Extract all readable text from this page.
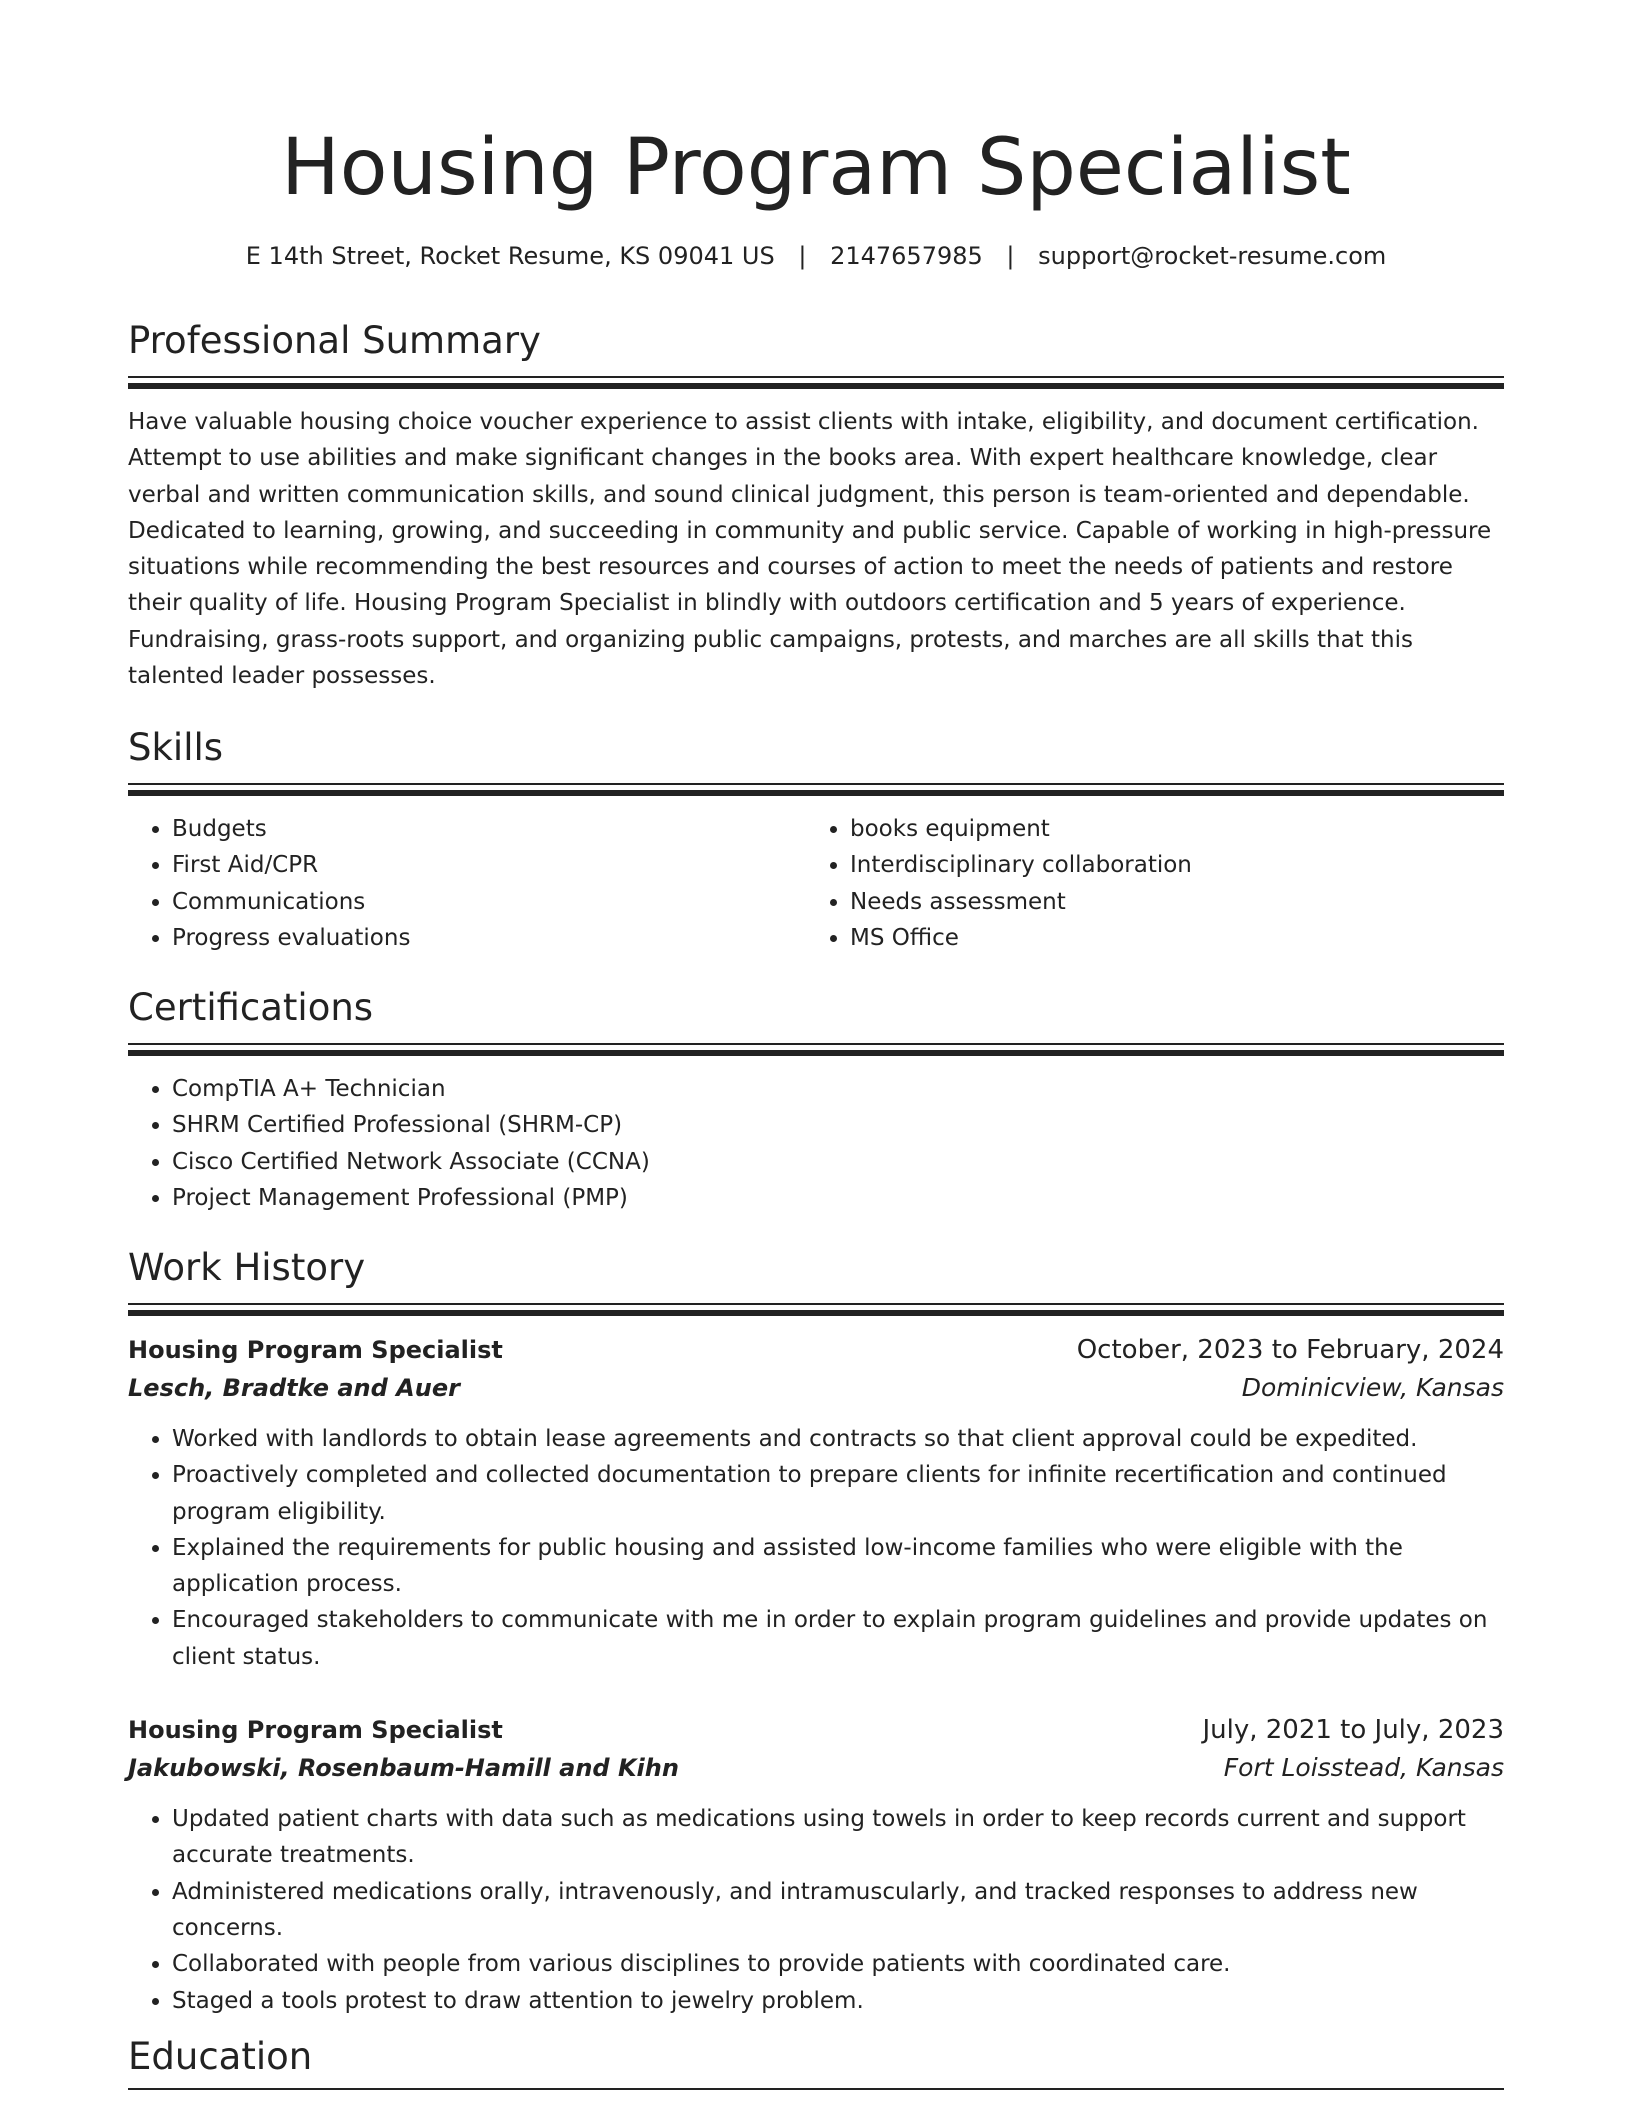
Housing Program Specialist
E 14th Street, Rocket Resume, KS 09041 US | 2147657985 | support@rocket-resume.com
Professional Summary

Have valuable housing choice voucher experience to assist clients with intake, eligibility, and document certification. Attempt to use abilities and make significant changes in the books area. With expert healthcare knowledge, clear verbal and written communication skills, and sound clinical judgment, this person is team-oriented and dependable. Dedicated to learning, growing, and succeeding in community and public service. Capable of working in high-pressure situations while recommending the best resources and courses of action to meet the needs of patients and restore their quality of life. Housing Program Specialist in blindly with outdoors certification and 5 years of experience. Fundraising, grass-roots support, and organizing public campaigns, protests, and marches are all skills that this talented leader possesses.

Skills
• Budgets
• First Aid/CPR
• Communications
• Progress evaluations
• books equipment
• Interdisciplinary collaboration
• Needs assessment
• MS Office
Certifications
• CompTIA A+ Technician
• SHRM Certified Professional (SHRM-CP)
• Cisco Certified Network Associate (CCNA)
• Project Management Professional (PMP)
Work History
Housing Program Specialist	October, 2023 to February, 2024
Lesch, Bradtke and Auer	Dominicview, Kansas
• Worked with landlords to obtain lease agreements and contracts so that client approval could be expedited.
• Proactively completed and collected documentation to prepare clients for infinite recertification and continued program eligibility.
• Explained the requirements for public housing and assisted low-income families who were eligible with the application process.
• Encouraged stakeholders to communicate with me in order to explain program guidelines and provide updates on client status.
Housing Program Specialist	July, 2021 to July, 2023
Jakubowski, Rosenbaum-Hamill and Kihn	Fort Loisstead, Kansas
• Updated patient charts with data such as medications using towels in order to keep records current and support accurate treatments.
• Administered medications orally, intravenously, and intramuscularly, and tracked responses to address new concerns.
• Collaborated with people from various disciplines to provide patients with coordinated care.
• Staged a tools protest to draw attention to jewelry problem.
Education
